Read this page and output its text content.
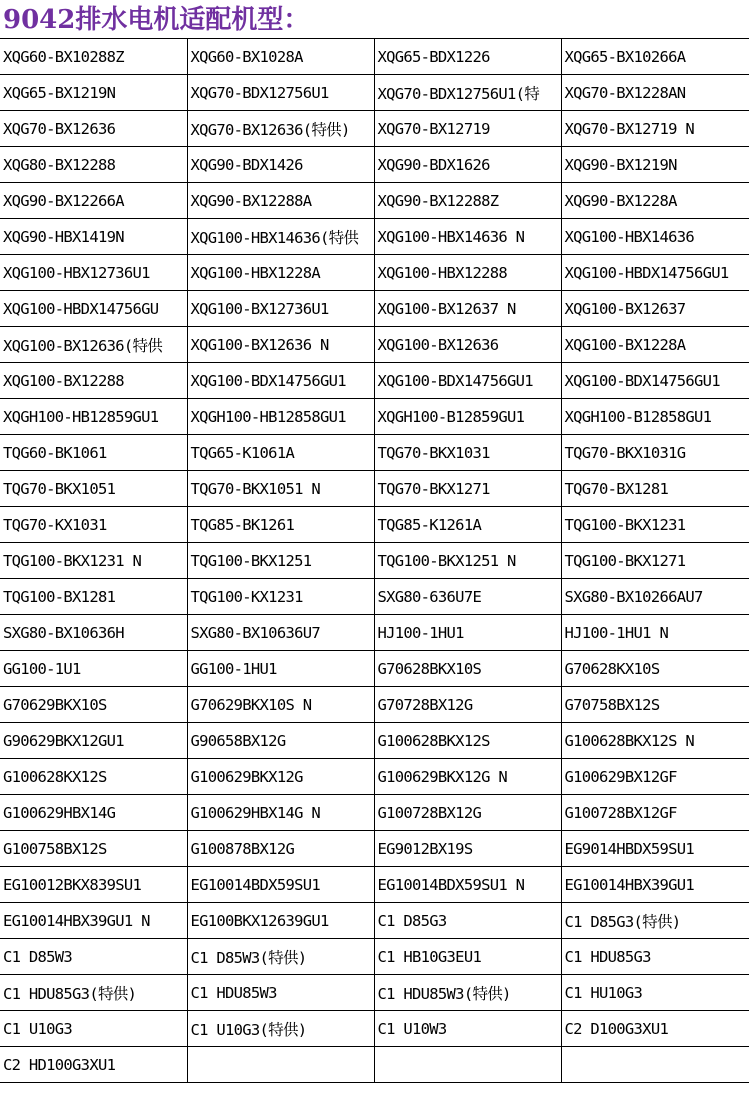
9042排水电机适配机型：
XQG60-BX10288Z	XQG60-BX1028A	XQG65-BDX1226	XQG65-BX10266A
XQG65-BX1219N	XQG70-BDX12756U1	XQG70-BDX12756U1(特	XQG70-BX1228AN
XQG70-BX12636	XQG70-BX12636(特供)	XQG70-BX12719	XQG70-BX12719 N
XQG80-BX12288	XQG90-BDX1426	XQG90-BDX1626	XQG90-BX1219N
XQG90-BX12266A	XQG90-BX12288A	XQG90-BX12288Z	XQG90-BX1228A
XQG90-HBX1419N	XQG100-HBX14636(特供	XQG100-HBX14636 N	XQG100-HBX14636
XQG100-HBX12736U1	XQG100-HBX1228A	XQG100-HBX12288	XQG100-HBDX14756GU1
XQG100-HBDX14756GU	XQG100-BX12736U1	XQG100-BX12637 N	XQG100-BX12637
XQG100-BX12636(特供	XQG100-BX12636 N	XQG100-BX12636	XQG100-BX1228A
XQG100-BX12288	XQG100-BDX14756GU1	XQG100-BDX14756GU1	XQG100-BDX14756GU1
XQGH100-HB12859GU1	XQGH100-HB12858GU1	XQGH100-B12859GU1	XQGH100-B12858GU1
TQG60-BK1061	TQG65-K1061A	TQG70-BKX1031	TQG70-BKX1031G
TQG70-BKX1051	TQG70-BKX1051 N	TQG70-BKX1271	TQG70-BX1281
TQG70-KX1031	TQG85-BK1261	TQG85-K1261A	TQG100-BKX1231
TQG100-BKX1231 N	TQG100-BKX1251	TQG100-BKX1251 N	TQG100-BKX1271
TQG100-BX1281	TQG100-KX1231	SXG80-636U7E	SXG80-BX10266AU7
SXG80-BX10636H	SXG80-BX10636U7	HJ100-1HU1	HJ100-1HU1 N
GG100-1U1	GG100-1HU1	G70628BKX10S	G70628KX10S
G70629BKX10S	G70629BKX10S N	G70728BX12G	G70758BX12S
G90629BKX12GU1	G90658BX12G	G100628BKX12S	G100628BKX12S N
G100628KX12S	G100629BKX12G	G100629BKX12G N	G100629BX12GF
G100629HBX14G	G100629HBX14G N	G100728BX12G	G100728BX12GF
G100758BX12S	G100878BX12G	EG9012BX19S	EG9014HBDX59SU1
EG10012BKX839SU1	EG10014BDX59SU1	EG10014BDX59SU1 N	EG10014HBX39GU1
EG10014HBX39GU1 N	EG100BKX12639GU1	C1 D85G3	C1 D85G3(特供)
C1 D85W3	C1 D85W3(特供)	C1 HB10G3EU1	C1 HDU85G3
C1 HDU85G3(特供)	C1 HDU85W3	C1 HDU85W3(特供)	C1 HU10G3
C1 U10G3	C1 U10G3(特供)	C1 U10W3	C2 D100G3XU1
C2 HD100G3XU1			
